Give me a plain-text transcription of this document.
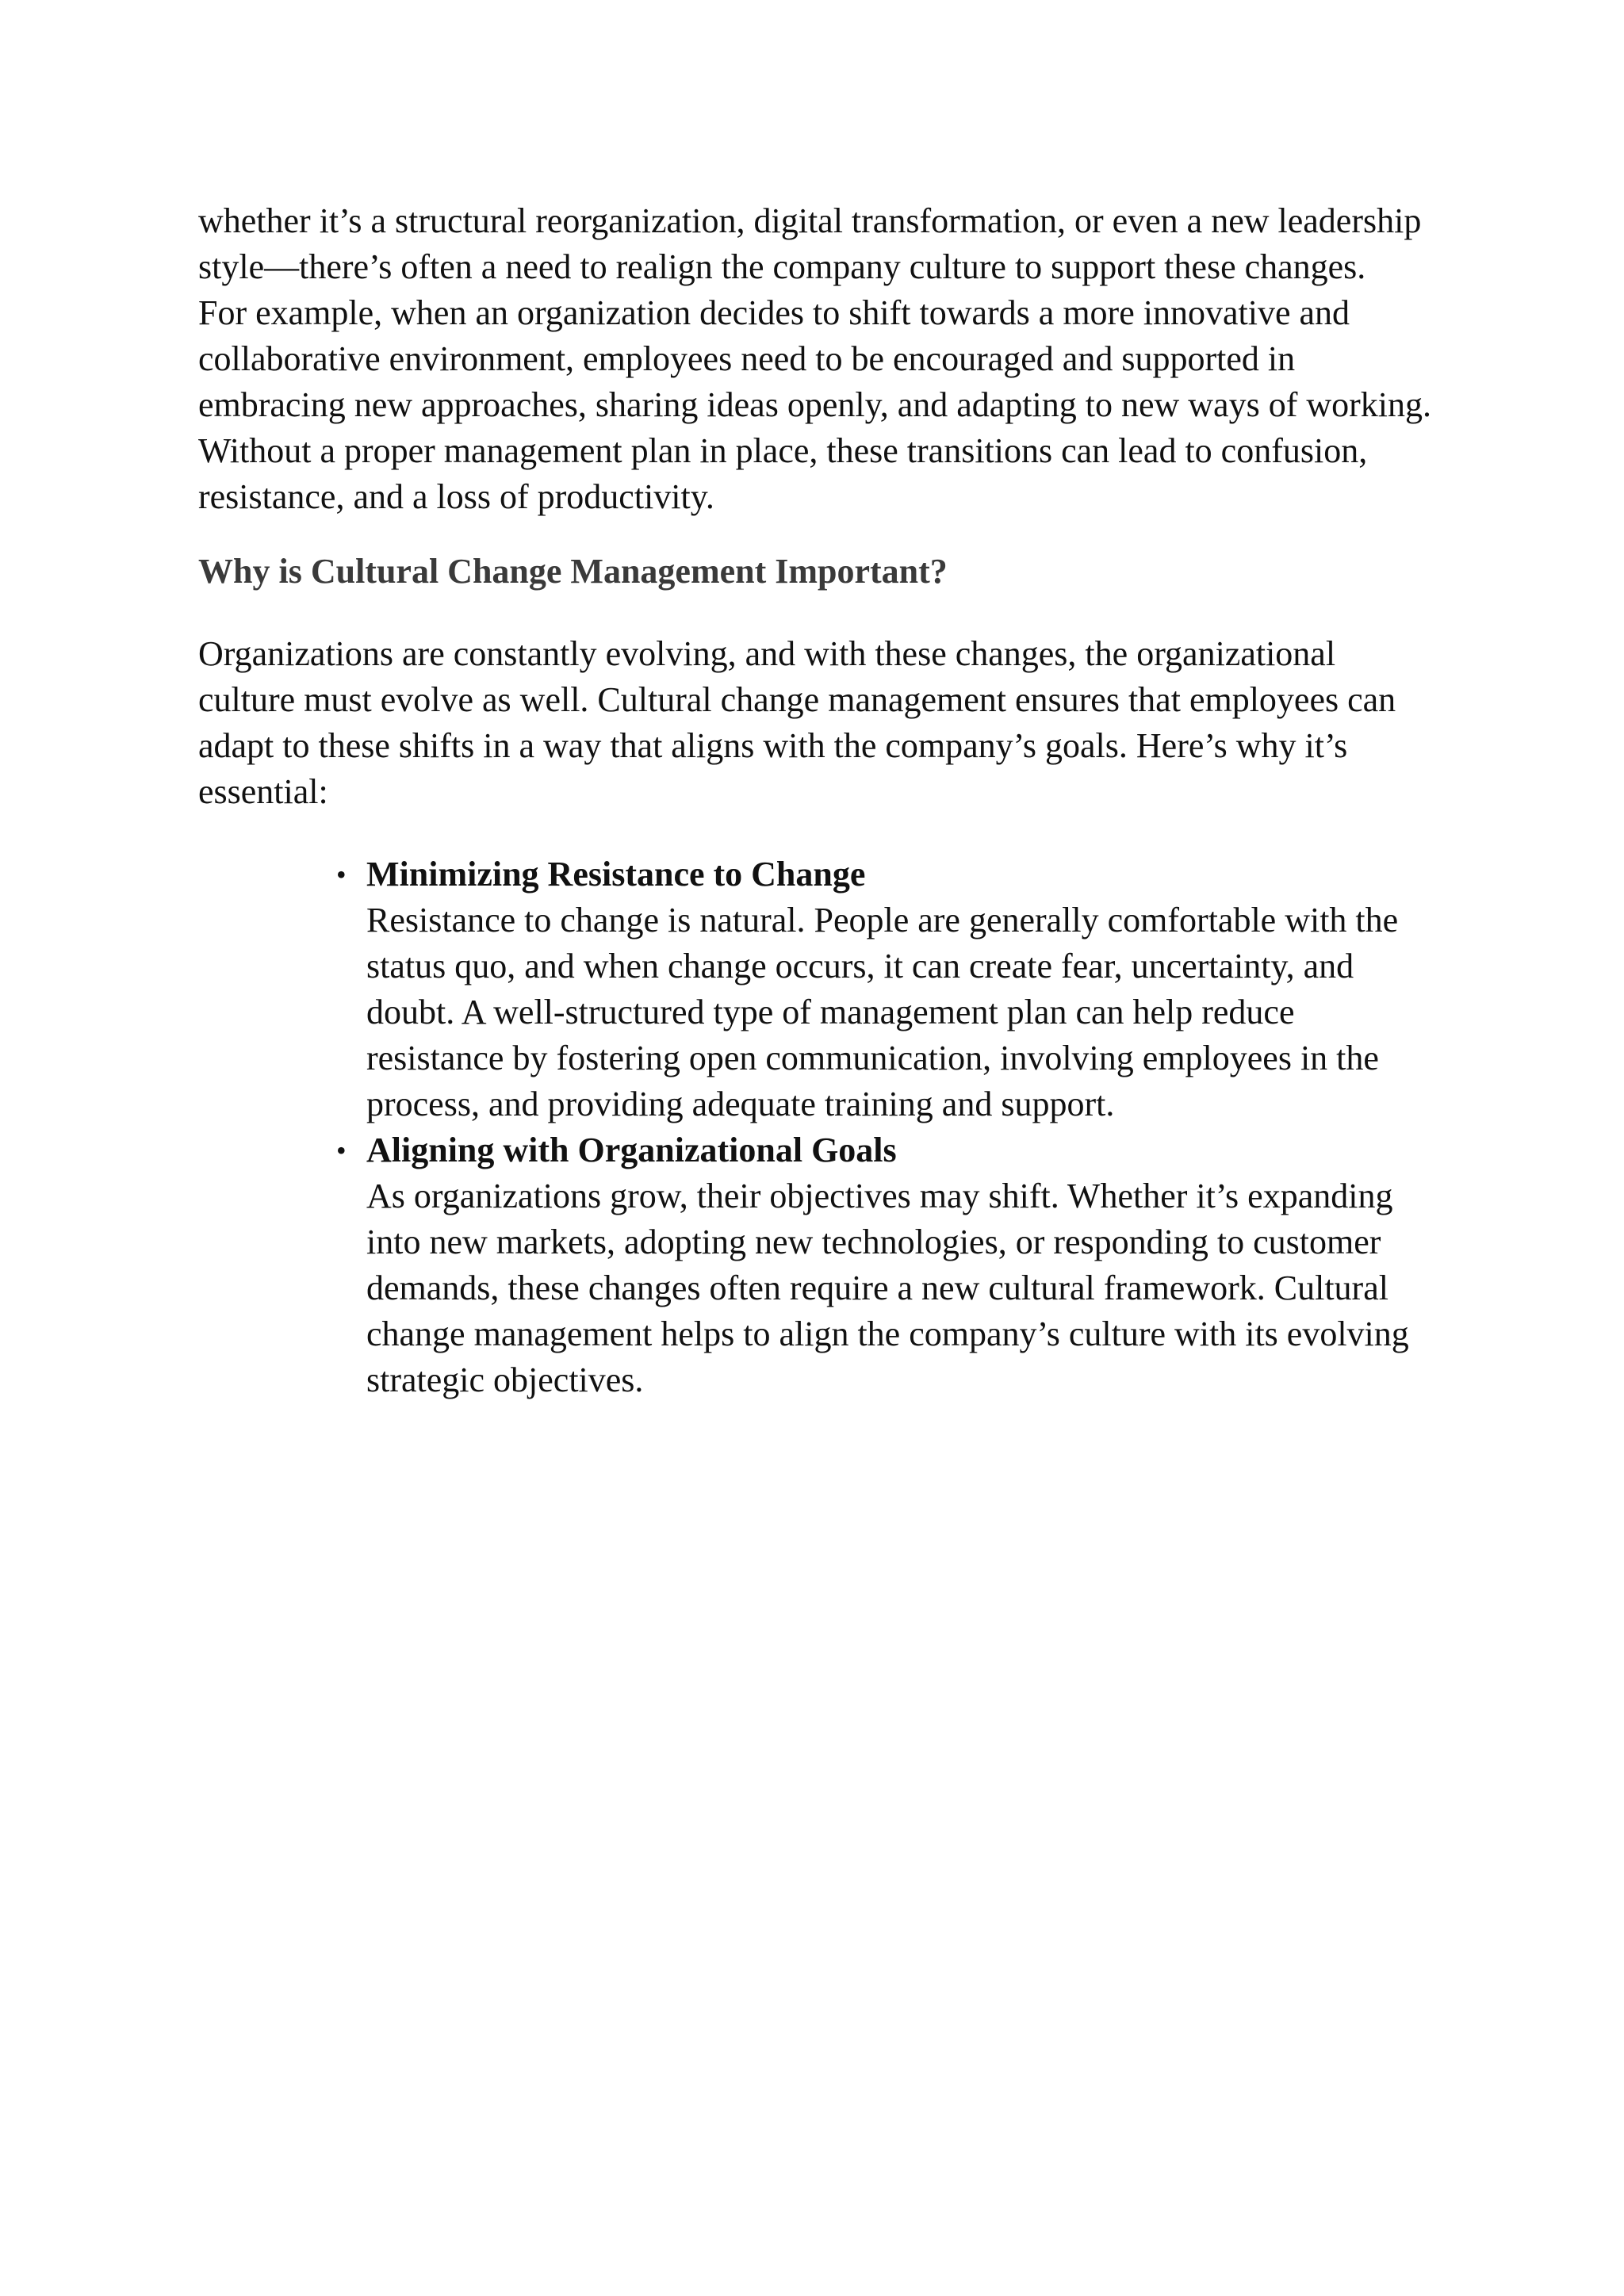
whether it’s a structural reorganization, digital transformation, or even a new leadership style—there’s often a need to realign the company culture to support these changes.

For example, when an organization decides to shift towards a more innovative and collaborative environment, employees need to be encouraged and supported in embracing new approaches, sharing ideas openly, and adapting to new ways of working. Without a proper management plan in place, these transitions can lead to confusion, resistance, and a loss of productivity.

Why is Cultural Change Management Important?

Organizations are constantly evolving, and with these changes, the organizational culture must evolve as well. Cultural change management ensures that employees can adapt to these shifts in a way that aligns with the company’s goals. Here’s why it’s essential:

• Minimizing Resistance to Change
Resistance to change is natural. People are generally comfortable with the status quo, and when change occurs, it can create fear, uncertainty, and doubt. A well-structured type of management plan can help reduce resistance by fostering open communication, involving employees in the process, and providing adequate training and support.
• Aligning with Organizational Goals
As organizations grow, their objectives may shift. Whether it’s expanding into new markets, adopting new technologies, or responding to customer demands, these changes often require a new cultural framework. Cultural change management helps to align the company’s culture with its evolving strategic objectives.
